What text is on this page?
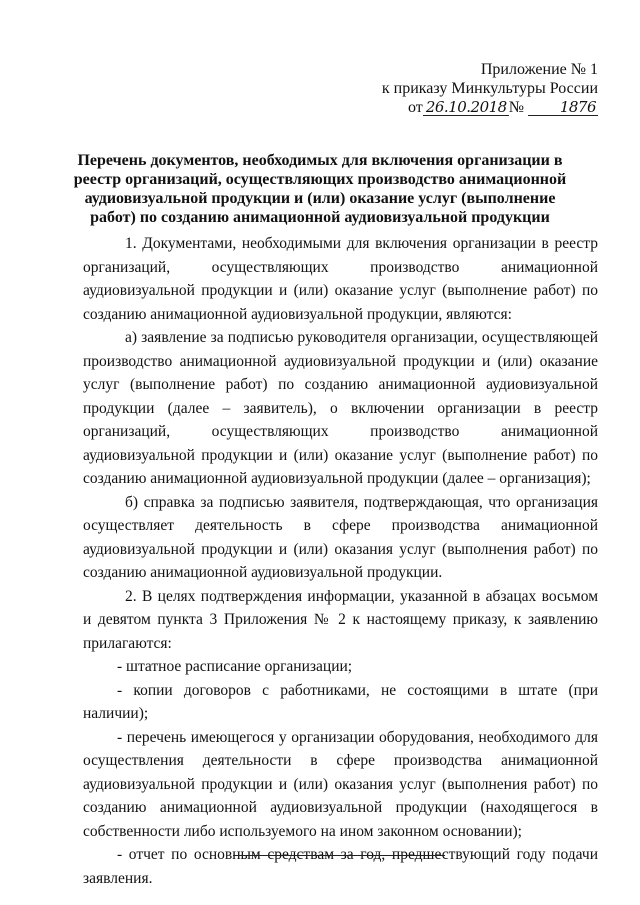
Приложение № 1
к приказу Минкультуры России
от 26.10.2018 № 1876
Перечень документов, необходимых для включения организации в реестр организаций, осуществляющих производство анимационной аудиовизуальной продукции и (или) оказание услуг (выполнение работ) по созданию анимационной аудиовизуальной продукции

1. Документами, необходимыми для включения организации в реестр организаций, осуществляющих производство анимационной аудиовизуальной продукции и (или) оказание услуг (выполнение работ) по созданию анимационной аудиовизуальной продукции, являются:

а) заявление за подписью руководителя организации, осуществляющей производство анимационной аудиовизуальной продукции и (или) оказание услуг (выполнение работ) по созданию анимационной аудиовизуальной продукции (далее – заявитель), о включении организации в реестр организаций, осуществляющих производство анимационной аудиовизуальной продукции и (или) оказание услуг (выполнение работ) по созданию анимационной аудиовизуальной продукции (далее – организация);

б) справка за подписью заявителя, подтверждающая, что организация осуществляет деятельность в сфере производства анимационной аудиовизуальной продукции и (или) оказания услуг (выполнения работ) по созданию анимационной аудиовизуальной продукции.

2. В целях подтверждения информации, указанной в абзацах восьмом и девятом пункта 3 Приложения № 2 к настоящему приказу, к заявлению прилагаются:

- штатное расписание организации;

- копии договоров с работниками, не состоящими в штате (при наличии);

- перечень имеющегося у организации оборудования, необходимого для осуществления деятельности в сфере производства анимационной аудиовизуальной продукции и (или) оказания услуг (выполнения работ) по созданию анимационной аудиовизуальной продукции (находящегося в собственности либо используемого на ином законном основании);

- отчет по основным средствам за год, предшествующий году подачи заявления.
